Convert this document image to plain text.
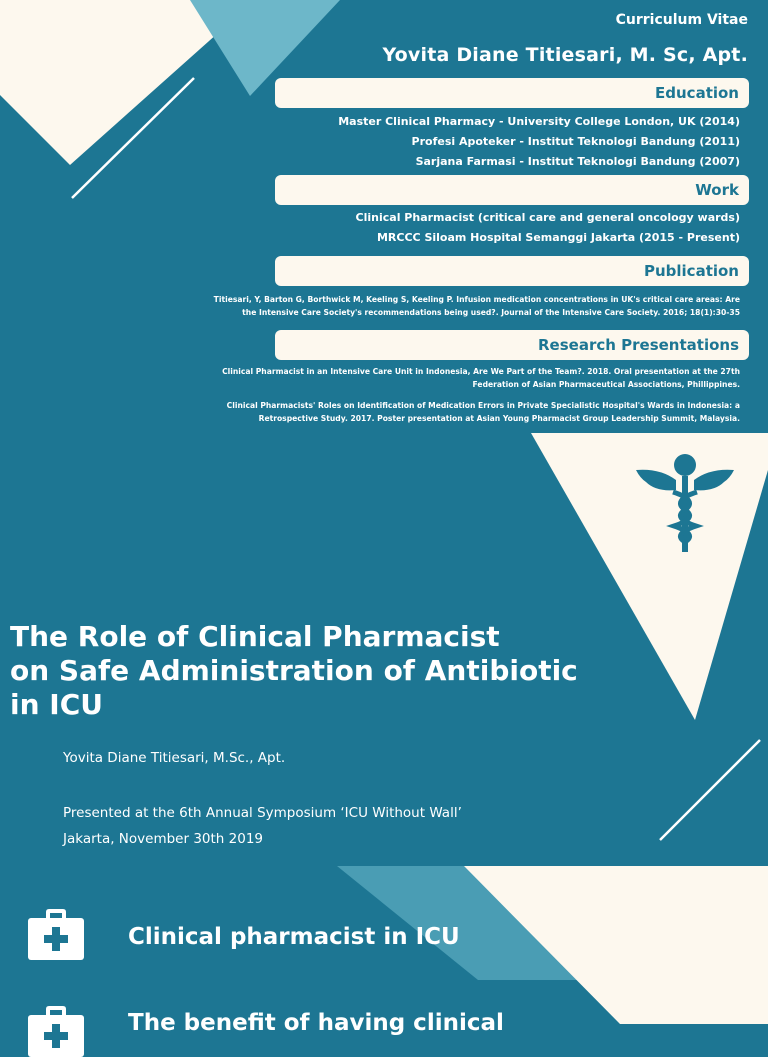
Curriculum Vitae
Yovita Diane Titiesari, M. Sc, Apt.
Education
Master Clinical Pharmacy - University College London, UK (2014)
Profesi Apoteker - Institut Teknologi Bandung (2011)
Sarjana Farmasi - Institut Teknologi Bandung (2007)
Work
Clinical Pharmacist (critical care and general oncology wards)
MRCCC Siloam Hospital Semanggi Jakarta (2015 - Present)
Publication
Titiesari, Y, Barton G, Borthwick M, Keeling S, Keeling P. Infusion medication concentrations in UK's critical care areas: Are
the Intensive Care Society's recommendations being used?. Journal of the Intensive Care Society. 2016; 18(1):30-35
Research Presentations

Clinical Pharmacist in an Intensive Care Unit in Indonesia, Are We Part of the Team?. 2018. Oral presentation at the 27th
Federation of Asian Pharmaceutical Associations, Phillippines.

Clinical Pharmacists' Roles on Identification of Medication Errors in Private Specialistic Hospital's Wards in Indonesia: a
Retrospective Study. 2017. Poster presentation at Asian Young Pharmacist Group Leadership Summit, Malaysia.

The Role of Clinical Pharmacist
on Safe Administration of Antibiotic
in ICU
Yovita Diane Titiesari, M.Sc., Apt.
Presented at the 6th Annual Symposium ‘ICU Without Wall’
Jakarta, November 30th 2019
Clinical pharmacist in ICU
The benefit of having clinical
